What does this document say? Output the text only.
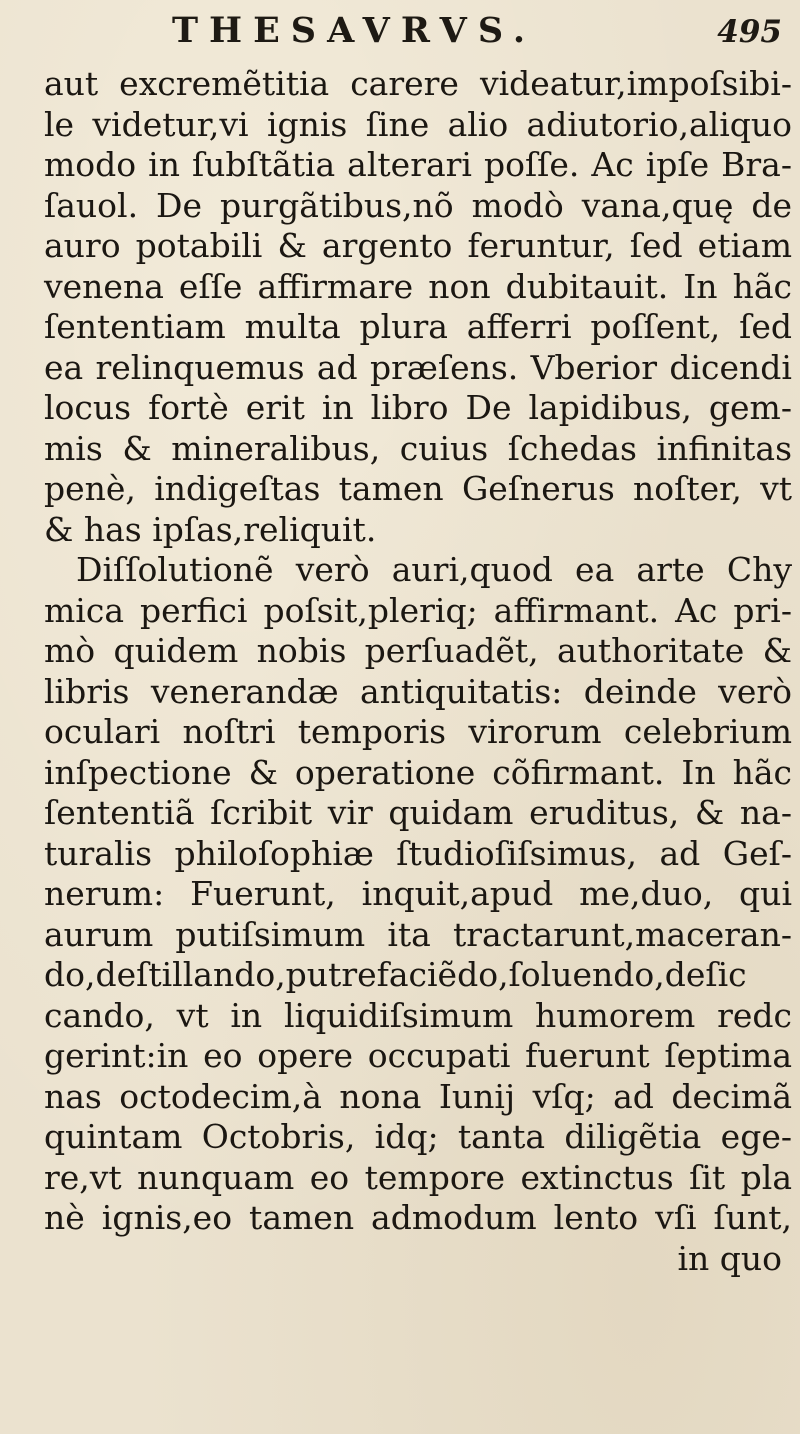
THESAVRVS.	495
aut excremẽtitia carere videatur,impoſsibi-
le videtur,vi ignis ſine alio adiutorio,aliquo
modo in ſubſtãtia alterari poſſe. Ac ipſe Bra-
ſauol. De purgãtibus,nõ modò vana,quę de
auro potabili & argento feruntur, ſed etiam
venena eſſe affirmare non dubitauit. In hãc
ſententiam multa plura afferri poſſent, ſed
ea relinquemus ad præſens. Vberior dicendi
locus fortè erit in libro De lapidibus, gem-
mis & mineralibus, cuius ſchedas infinitas
penè, indigeſtas tamen Geſnerus noſter, vt
& has ipſas,reliquit.
Diſſolutionẽ verò auri,quod ea arte Chy
mica perfici poſsit,pleriq; affirmant. Ac pri-
mò quidem nobis perſuadẽt, authoritate &
libris venerandæ antiquitatis: deinde verò
oculari noſtri temporis virorum celebrium
inſpectione & operatione cõfirmant. In hãc
ſententiã ſcribit vir quidam eruditus, & na-
turalis philoſophiæ ſtudioſiſsimus, ad Geſ-
nerum: Fuerunt, inquit,apud me,duo, qui
aurum putiſsimum ita tractarunt,maceran-
do,deſtillando,putrefaciẽdo,ſoluendo,deſic
cando, vt in liquidiſsimum humorem redc
gerint:in eo opere occupati fuerunt ſeptima
nas octodecim,à nona Iunij vſq; ad decimã
quintam Octobris, idq; tanta diligẽtia ege-
re,vt nunquam eo tempore extinctus ſit pla
nè ignis,eo tamen admodum lento vſi ſunt,
in quo
